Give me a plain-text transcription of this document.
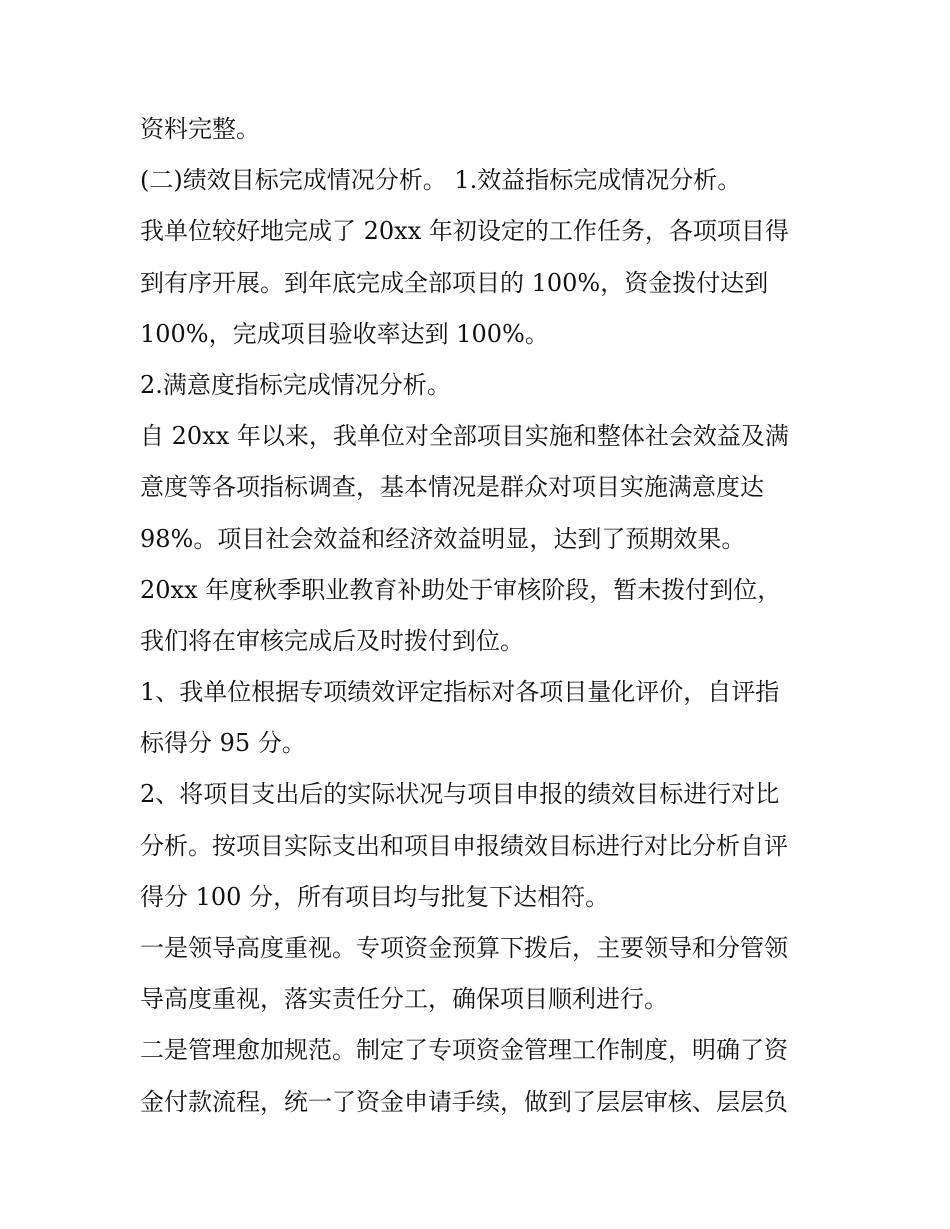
资料完整。
(二)绩效目标完成情况分析。 1.效益指标完成情况分析。
我单位较好地完成了 20xx 年初设定的工作任务，各项项目得
到有序开展。到年底完成全部项目的 100%，资金拨付达到
100%，完成项目验收率达到 100%。
2.满意度指标完成情况分析。
自 20xx 年以来，我单位对全部项目实施和整体社会效益及满
意度等各项指标调查，基本情况是群众对项目实施满意度达
98%。项目社会效益和经济效益明显，达到了预期效果。
20xx 年度秋季职业教育补助处于审核阶段，暂未拨付到位，
我们将在审核完成后及时拨付到位。
1、我单位根据专项绩效评定指标对各项目量化评价，自评指
标得分 95 分。
2、将项目支出后的实际状况与项目申报的绩效目标进行对比
分析。按项目实际支出和项目申报绩效目标进行对比分析自评
得分 100 分，所有项目均与批复下达相符。
一是领导高度重视。专项资金预算下拨后，主要领导和分管领
导高度重视，落实责任分工，确保项目顺利进行。
二是管理愈加规范。制定了专项资金管理工作制度，明确了资
金付款流程，统一了资金申请手续，做到了层层审核、层层负
